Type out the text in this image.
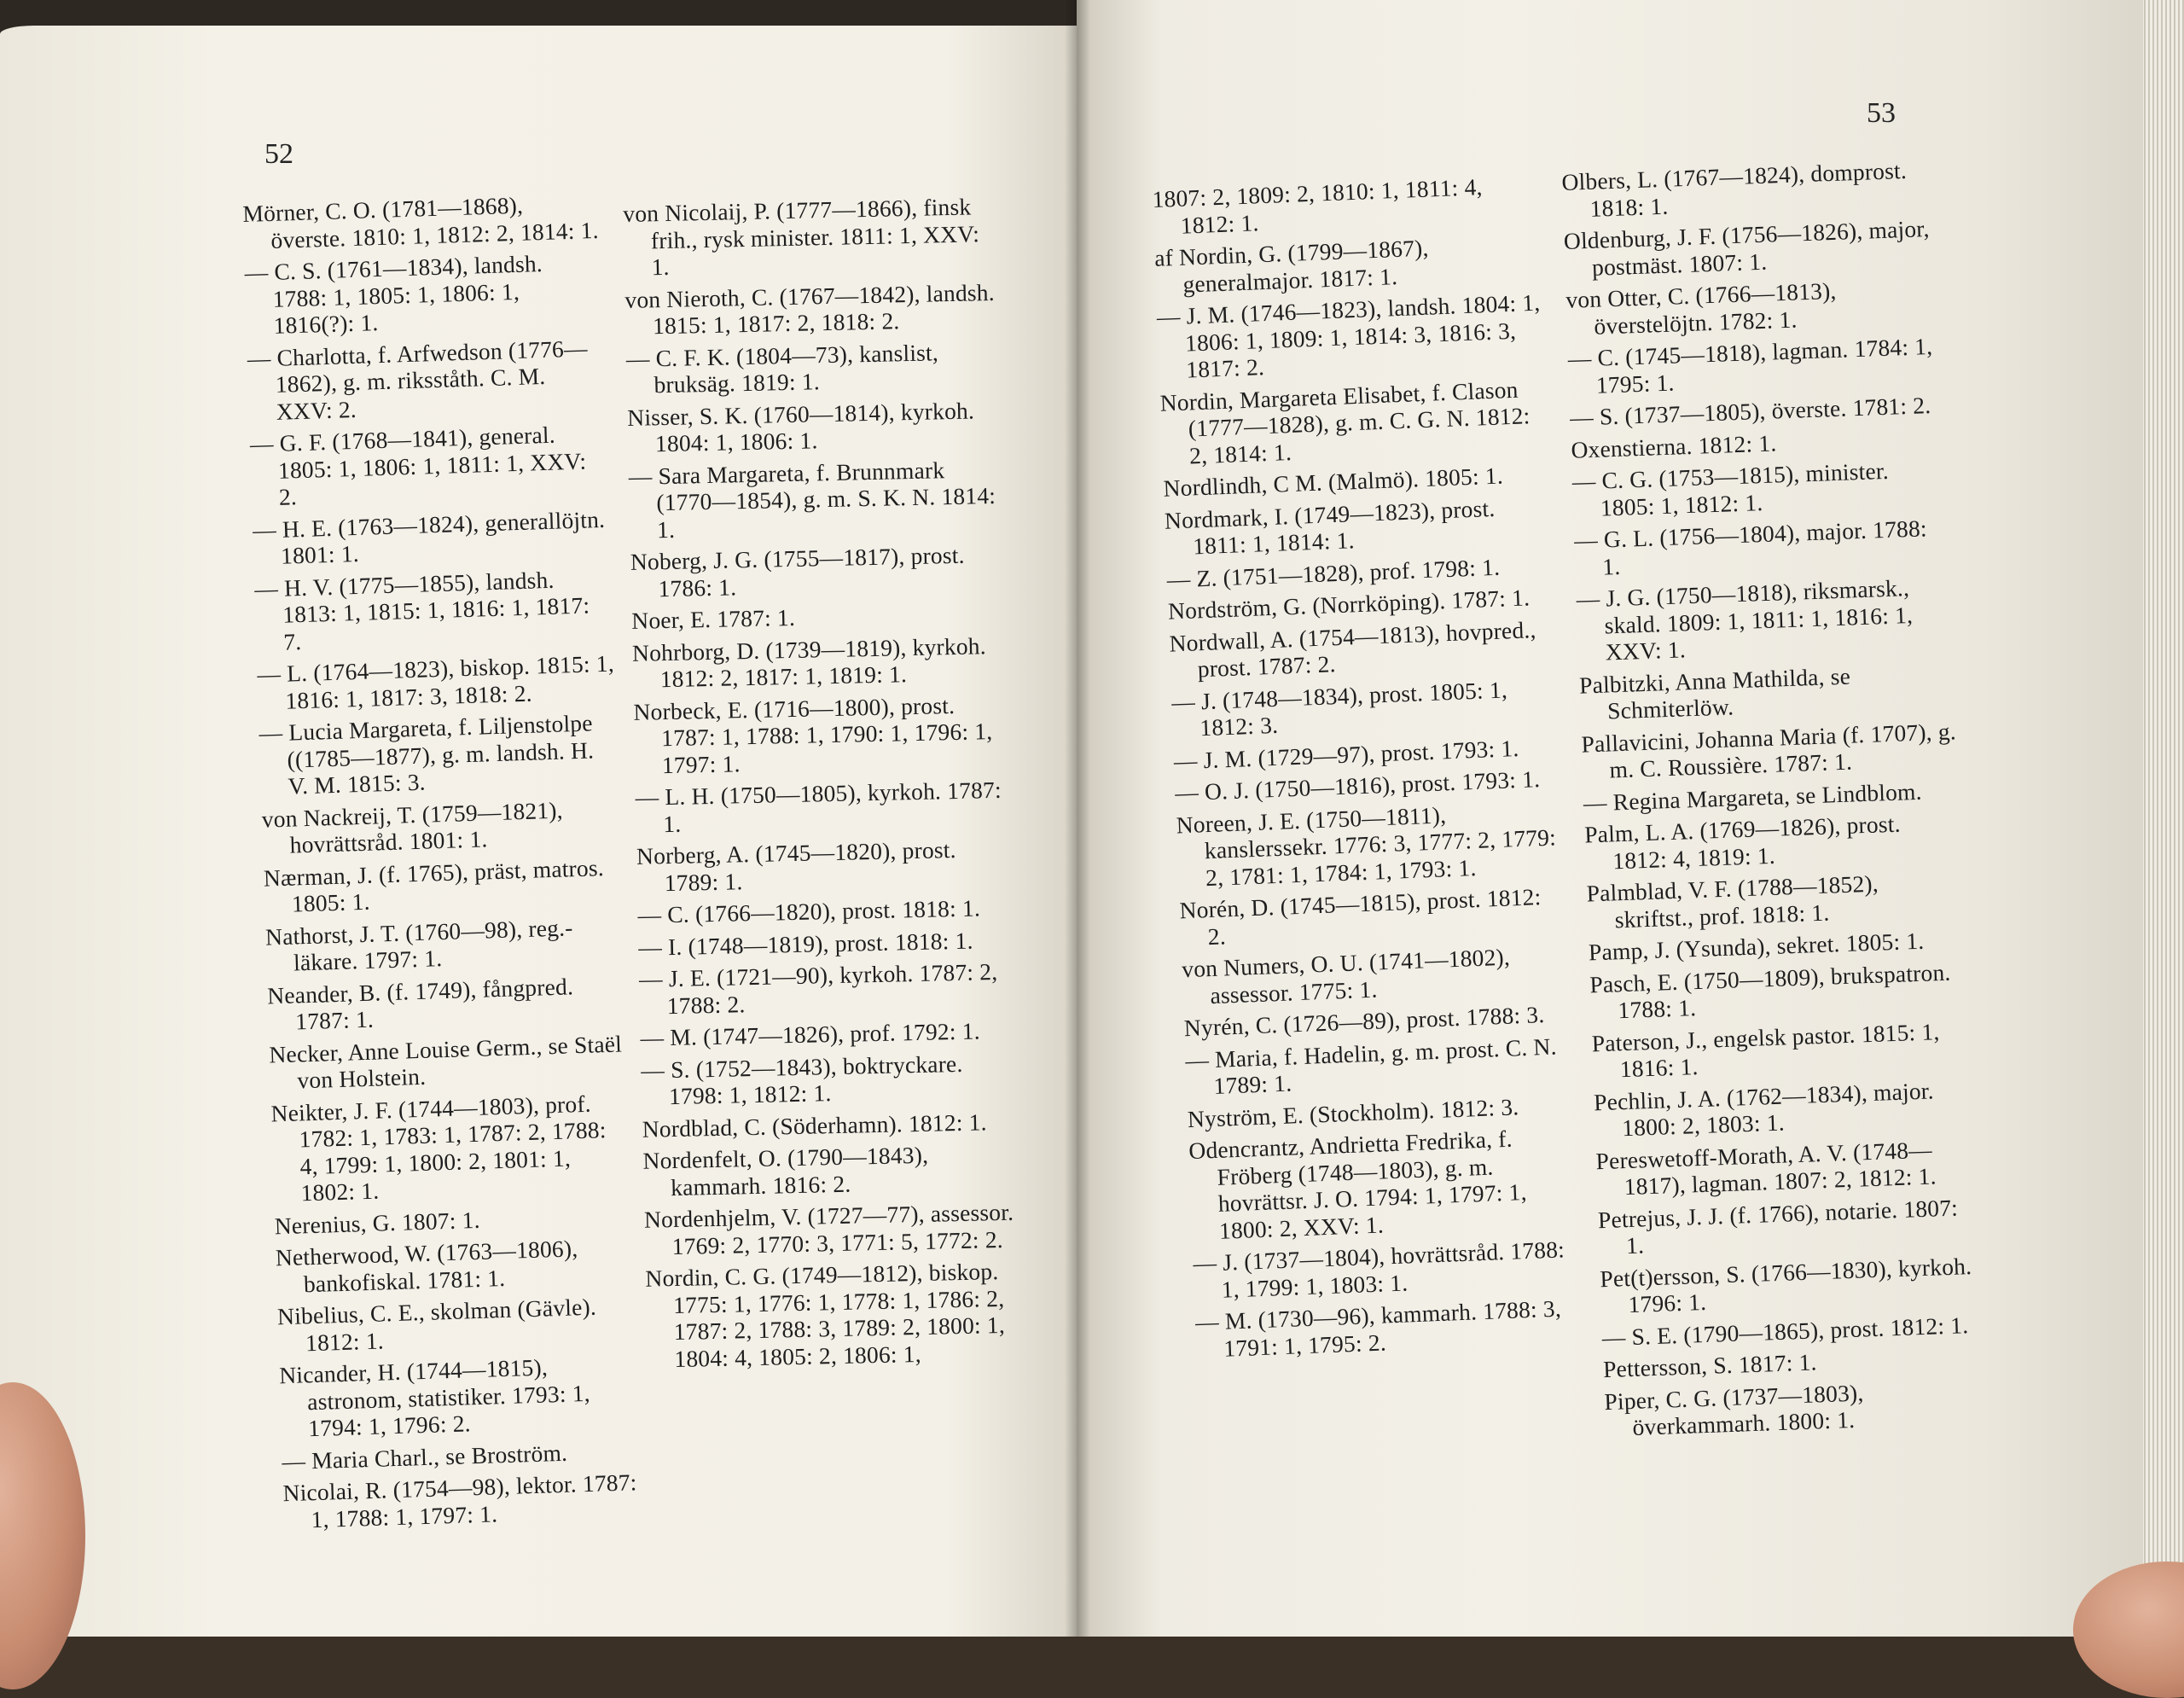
52
Mörner, C. O. (1781—1868), överste. 1810: 1, 1812: 2, 1814: 1.
— C. S. (1761—1834), landsh. 1788: 1, 1805: 1, 1806: 1, 1816(?): 1.
— Charlotta, f. Arfwedson (1776—1862), g. m. riksståth. C. M. XXV: 2.
— G. F. (1768—1841), general. 1805: 1, 1806: 1, 1811: 1, XXV: 2.
— H. E. (1763—1824), generallöjtn. 1801: 1.
— H. V. (1775—1855), landsh. 1813: 1, 1815: 1, 1816: 1, 1817: 7.
— L. (1764—1823), biskop. 1815: 1, 1816: 1, 1817: 3, 1818: 2.
— Lucia Margareta, f. Liljenstolpe ((1785—1877), g. m. landsh. H. V. M. 1815: 3.
von Nackreij, T. (1759—1821), hovrättsråd. 1801: 1.
Nærman, J. (f. 1765), präst, matros. 1805: 1.
Nathorst, J. T. (1760—98), reg.-läkare. 1797: 1.
Neander, B. (f. 1749), fångpred. 1787: 1.
Necker, Anne Louise Germ., se Staël von Holstein.
Neikter, J. F. (1744—1803), prof. 1782: 1, 1783: 1, 1787: 2, 1788: 4, 1799: 1, 1800: 2, 1801: 1, 1802: 1.
Nerenius, G. 1807: 1.
Netherwood, W. (1763—1806), bankofiskal. 1781: 1.
Nibelius, C. E., skolman (Gävle). 1812: 1.
Nicander, H. (1744—1815), astronom, statistiker. 1793: 1, 1794: 1, 1796: 2.
— Maria Charl., se Broström.
Nicolai, R. (1754—98), lektor. 1787: 1, 1788: 1, 1797: 1.
von Nicolaij, P. (1777—1866), finsk frih., rysk minister. 1811: 1, XXV: 1.
von Nieroth, C. (1767—1842), landsh. 1815: 1, 1817: 2, 1818: 2.
— C. F. K. (1804—73), kanslist, bruksäg. 1819: 1.
Nisser, S. K. (1760—1814), kyrkoh. 1804: 1, 1806: 1.
— Sara Margareta, f. Brunnmark (1770—1854), g. m. S. K. N. 1814: 1.
Noberg, J. G. (1755—1817), prost. 1786: 1.
Noer, E. 1787: 1.
Nohrborg, D. (1739—1819), kyrkoh. 1812: 2, 1817: 1, 1819: 1.
Norbeck, E. (1716—1800), prost. 1787: 1, 1788: 1, 1790: 1, 1796: 1, 1797: 1.
— L. H. (1750—1805), kyrkoh. 1787: 1.
Norberg, A. (1745—1820), prost. 1789: 1.
— C. (1766—1820), prost. 1818: 1.
— I. (1748—1819), prost. 1818: 1.
— J. E. (1721—90), kyrkoh. 1787: 2, 1788: 2.
— M. (1747—1826), prof. 1792: 1.
— S. (1752—1843), boktryckare. 1798: 1, 1812: 1.
Nordblad, C. (Söderhamn). 1812: 1.
Nordenfelt, O. (1790—1843), kammarh. 1816: 2.
Nordenhjelm, V. (1727—77), assessor. 1769: 2, 1770: 3, 1771: 5, 1772: 2.
Nordin, C. G. (1749—1812), biskop. 1775: 1, 1776: 1, 1778: 1, 1786: 2, 1787: 2, 1788: 3, 1789: 2, 1800: 1, 1804: 4, 1805: 2, 1806: 1,
53
1807: 2, 1809: 2, 1810: 1, 1811: 4, 1812: 1.
af Nordin, G. (1799—1867), generalmajor. 1817: 1.
— J. M. (1746—1823), landsh. 1804: 1, 1806: 1, 1809: 1, 1814: 3, 1816: 3, 1817: 2.
Nordin, Margareta Elisabet, f. Clason (1777—1828), g. m. C. G. N. 1812: 2, 1814: 1.
Nordlindh, C M. (Malmö). 1805: 1.
Nordmark, I. (1749—1823), prost. 1811: 1, 1814: 1.
— Z. (1751—1828), prof. 1798: 1.
Nordström, G. (Norrköping). 1787: 1.
Nordwall, A. (1754—1813), hovpred., prost. 1787: 2.
— J. (1748—1834), prost. 1805: 1, 1812: 3.
— J. M. (1729—97), prost. 1793: 1.
— O. J. (1750—1816), prost. 1793: 1.
Noreen, J. E. (1750—1811), kanslerssekr. 1776: 3, 1777: 2, 1779: 2, 1781: 1, 1784: 1, 1793: 1.
Norén, D. (1745—1815), prost. 1812: 2.
von Numers, O. U. (1741—1802), assessor. 1775: 1.
Nyrén, C. (1726—89), prost. 1788: 3.
— Maria, f. Hadelin, g. m. prost. C. N. 1789: 1.
Nyström, E. (Stockholm). 1812: 3.
Odencrantz, Andrietta Fredrika, f. Fröberg (1748—1803), g. m. hovrättsr. J. O. 1794: 1, 1797: 1, 1800: 2, XXV: 1.
— J. (1737—1804), hovrättsråd. 1788: 1, 1799: 1, 1803: 1.
— M. (1730—96), kammarh. 1788: 3, 1791: 1, 1795: 2.
Olbers, L. (1767—1824), domprost. 1818: 1.
Oldenburg, J. F. (1756—1826), major, postmäst. 1807: 1.
von Otter, C. (1766—1813), överstelöjtn. 1782: 1.
— C. (1745—1818), lagman. 1784: 1, 1795: 1.
— S. (1737—1805), överste. 1781: 2.
Oxenstierna. 1812: 1.
— C. G. (1753—1815), minister. 1805: 1, 1812: 1.
— G. L. (1756—1804), major. 1788: 1.
— J. G. (1750—1818), riksmarsk., skald. 1809: 1, 1811: 1, 1816: 1, XXV: 1.
Palbitzki, Anna Mathilda, se Schmiterlöw.
Pallavicini, Johanna Maria (f. 1707), g. m. C. Roussière. 1787: 1.
— Regina Margareta, se Lindblom.
Palm, L. A. (1769—1826), prost. 1812: 4, 1819: 1.
Palmblad, V. F. (1788—1852), skriftst., prof. 1818: 1.
Pamp, J. (Ysunda), sekret. 1805: 1.
Pasch, E. (1750—1809), brukspatron. 1788: 1.
Paterson, J., engelsk pastor. 1815: 1, 1816: 1.
Pechlin, J. A. (1762—1834), major. 1800: 2, 1803: 1.
Pereswetoff-Morath, A. V. (1748—1817), lagman. 1807: 2, 1812: 1.
Petrejus, J. J. (f. 1766), notarie. 1807: 1.
Pet(t)ersson, S. (1766—1830), kyrkoh. 1796: 1.
— S. E. (1790—1865), prost. 1812: 1.
Pettersson, S. 1817: 1.
Piper, C. G. (1737—1803), överkammarh. 1800: 1.
